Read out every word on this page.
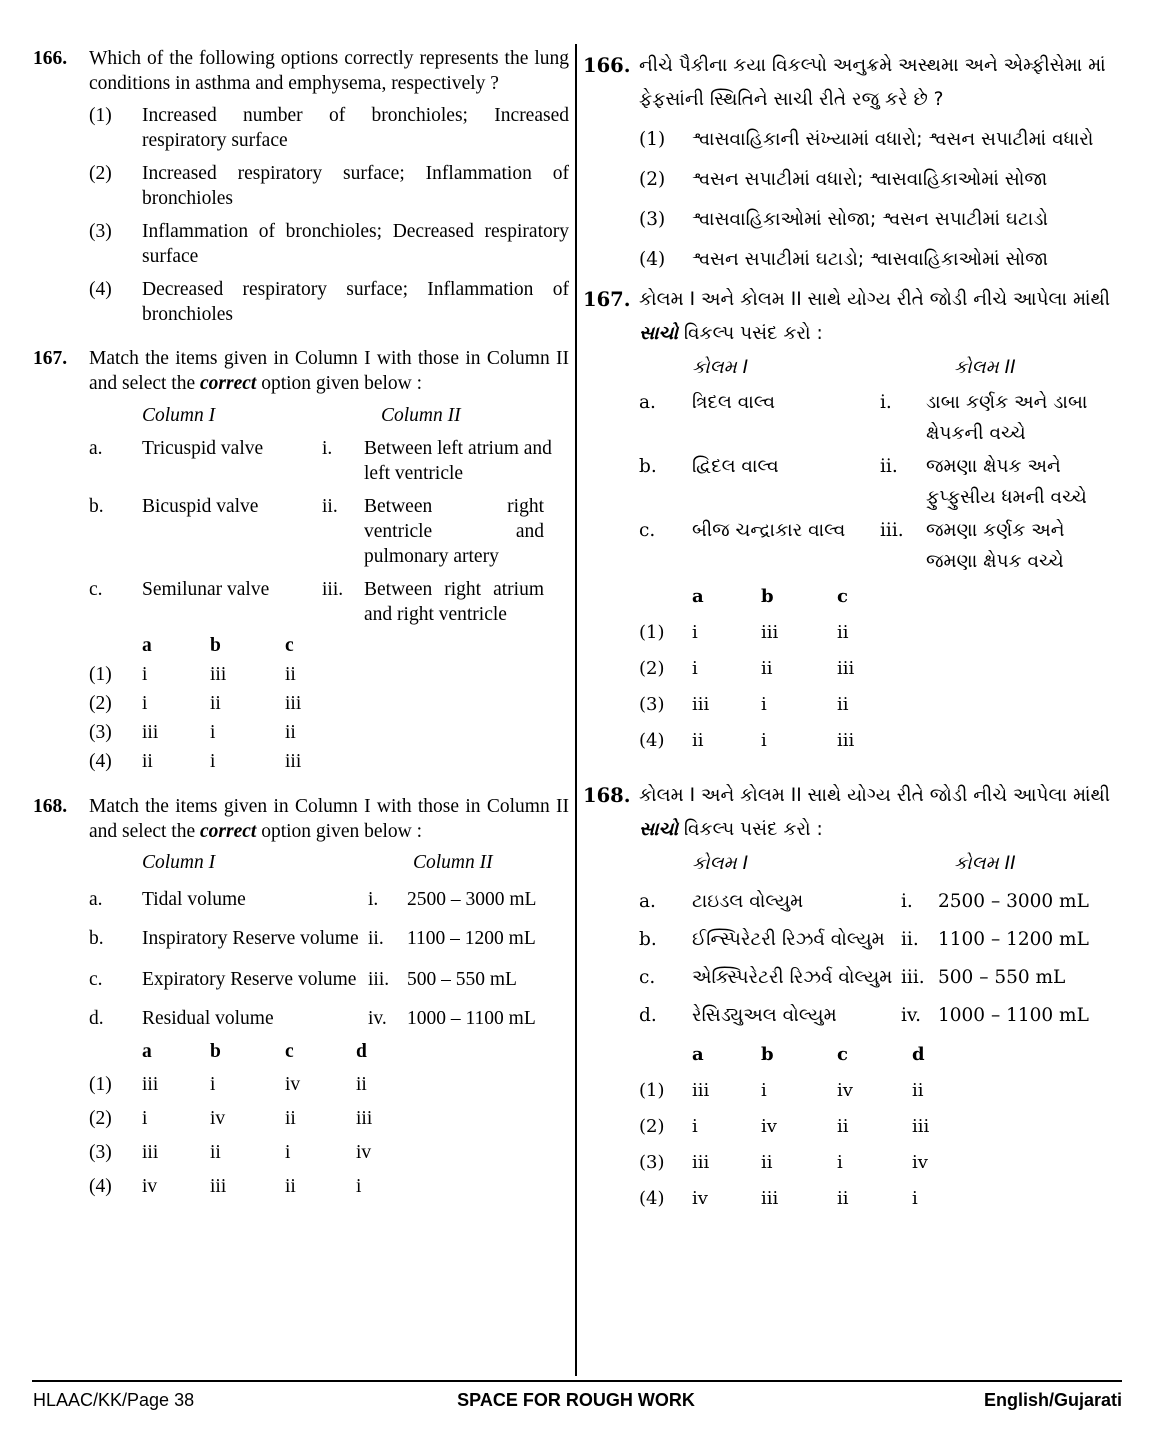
166. Which of the following options correctly represents the lung conditions in asthma and emphysema, respectively ?
(1)	Increased number of bronchioles; Increased respiratory surface
(2)	Increased respiratory surface; Inflammation of bronchioles
(3)	Inflammation of bronchioles; Decreased respiratory surface
(4)	Decreased respiratory surface; Inflammation of bronchioles
167. Match the items given in Column I with those in Column II and select the correct option given below :
Column I	Column II
a.	Tricuspid valve	i.	Between left atrium and left ventricle
b.	Bicuspid valve	ii.	Between right ventricle and pulmonary artery
c.	Semilunar valve	iii.	Between right atrium and right ventricle
a	b	c
(1)	i	iii	ii
(2)	i	ii	iii
(3)	iii	i	ii
(4)	ii	i	iii
168. Match the items given in Column I with those in Column II and select the correct option given below :
Column I	Column II
a.	Tidal volume	i.	2500 – 3000 mL
b.	Inspiratory Reserve volume ii.	1100 – 1200 mL
c.	Expiratory Reserve volume iii. 500 – 550 mL
d.	Residual volume	iv.	1000 – 1100 mL
a	b	c	d
(1)	iii	i	iv	ii
(2)	i	iv	ii	iii
(3)	iii	ii	i	iv
(4)	iv	iii	ii	i
166. નીચે પૈકીના કયા વિકલ્પો અનુક્રમે અસ્થમા અને એમ્ફીસેમા માં ફેફસાંની સ્થિતિને સાચી રીતે રજુ કરે છે ?
(1)	શ્વાસવાહિકાની સંખ્યામાં વધારો; શ્વસન સપાટીમાં વધારો
(2)	શ્વસન સપાટીમાં વધારો; શ્વાસવાહિકાઓમાં સોજા
(3)	શ્વાસવાહિકાઓમાં સોજા; શ્વસન સપાટીમાં ઘટાડો
(4)	શ્વસન સપાટીમાં ઘટાડો; શ્વાસવાહિકાઓમાં સોજા
167. કોલમ I અને કોલમ II સાથે યોગ્ય રીતે જોડી નીચે આપેલા માંથી સાચો વિકલ્પ પસંદ કરો :
કોલમ I	કોલમ II
a.	ત્રિદલ વાલ્વ	i.	ડાબા કર્ણક અને ડાબા ક્ષેપકની વચ્ચે
b.	દ્વિદલ વાલ્વ	ii.	જમણા ક્ષેપક અને ફુપ્ફુસીય ધમની વચ્ચે
c.	બીજ ચન્દ્રાકાર વાલ્વ	iii.	જમણા કર્ણક અને જમણા ક્ષેપક વચ્ચે
a	b	c
(1)	i	iii	ii
(2)	i	ii	iii
(3)	iii	i	ii
(4)	ii	i	iii
168. કોલમ I અને કોલમ II સાથે યોગ્ય રીતે જોડી નીચે આપેલા માંથી સાચો વિકલ્પ પસંદ કરો :
કોલમ I	કોલમ II
a.	ટાઇડલ વોલ્યુમ	i.	2500 – 3000 mL
b.	ઈન્સ્પિરેટરી રિઝર્વ વોલ્યુમ ii.	1100 – 1200 mL
c.	એક્સ્પિરેટરી રિઝર્વ વોલ્યુમ iii. 500 – 550 mL
d.	રેસિડ્યુઅલ વોલ્યુમ	iv. 1000 – 1100 mL
a	b	c	d
(1)	iii	i	iv	ii
(2)	i	iv	ii	iii
(3)	iii	ii	i	iv
(4)	iv	iii	ii	i
HLAAC/KK/Page 38	SPACE FOR ROUGH WORK	English/Gujarati
